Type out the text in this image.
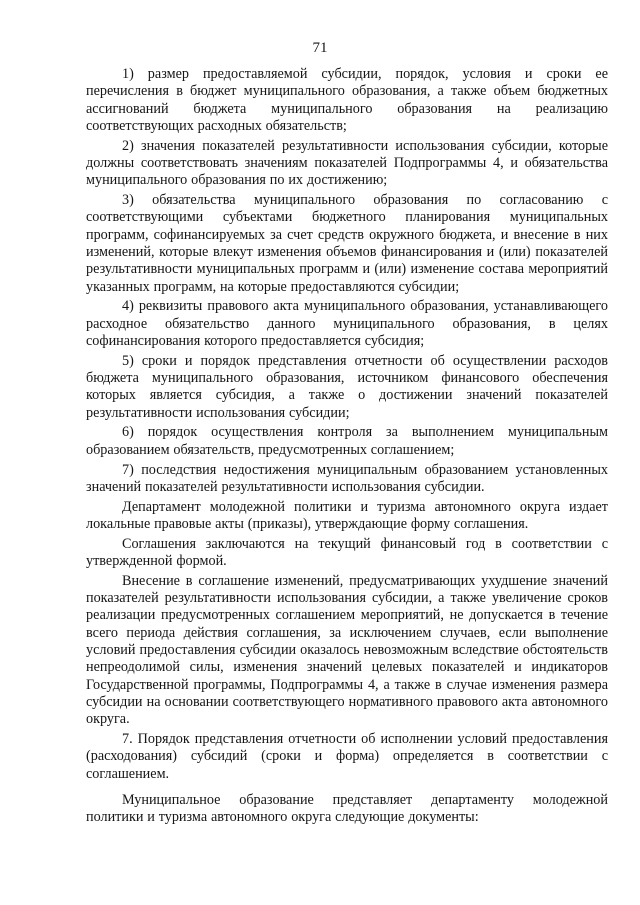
71

1) размер предоставляемой субсидии, порядок, условия и сроки ее перечисления в бюджет муниципального образования, а также объем бюджетных ассигнований бюджета муниципального образования на реализацию соответствующих расходных обязательств;

2) значения показателей результативности использования субсидии, которые должны соответствовать значениям показателей Подпрограммы 4, и обязательства муниципального образования по их достижению;

3) обязательства муниципального образования по согласованию с соответствующими субъектами бюджетного планирования муниципальных программ, софинансируемых за счет средств окружного бюджета, и внесение в них изменений, которые влекут изменения объемов финансирования и (или) показателей результативности муниципальных программ и (или) изменение состава мероприятий указанных программ, на которые предоставляются субсидии;

4) реквизиты правового акта муниципального образования, устанавливающего расходное обязательство данного муниципального образования, в целях софинансирования которого предоставляется субсидия;

5) сроки и порядок представления отчетности об осуществлении расходов бюджета муниципального образования, источником финансового обеспечения которых является субсидия, а также о достижении значений показателей результативности использования субсидии;

6) порядок осуществления контроля за выполнением муниципальным образованием обязательств, предусмотренных соглашением;

7) последствия недостижения муниципальным образованием установленных значений показателей результативности использования субсидии.

Департамент молодежной политики и туризма автономного округа издает локальные правовые акты (приказы), утверждающие форму соглашения.

Соглашения заключаются на текущий финансовый год в соответствии с утвержденной формой.

Внесение в соглашение изменений, предусматривающих ухудшение значений показателей результативности использования субсидии, а также увеличение сроков реализации предусмотренных соглашением мероприятий, не допускается в течение всего периода действия соглашения, за исключением случаев, если выполнение условий предоставления субсидии оказалось невозможным вследствие обстоятельств непреодолимой силы, изменения значений целевых показателей и индикаторов Государственной программы, Подпрограммы 4, а также в случае изменения размера субсидии на основании соответствующего нормативного правового акта автономного округа.

7. Порядок представления отчетности об исполнении условий предоставления (расходования) субсидий (сроки и форма) определяется в соответствии с соглашением.

Муниципальное образование представляет департаменту молодежной политики и туризма автономного округа следующие документы:
